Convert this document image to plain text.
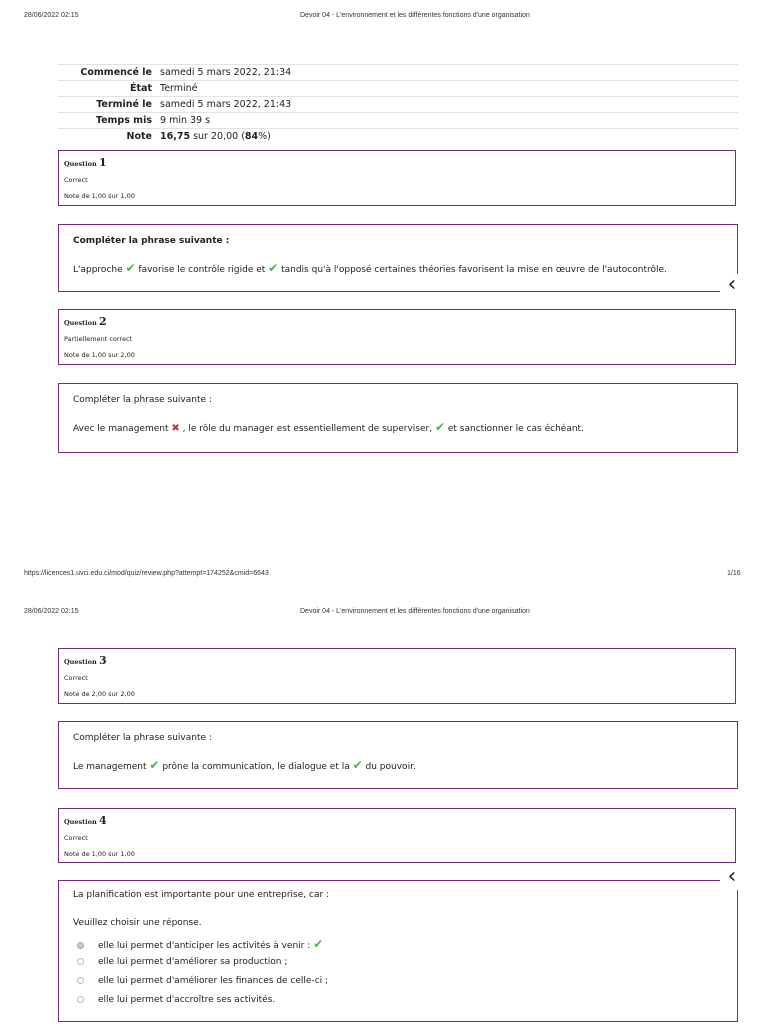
28/06/2022 02:15	Devoir 04 - L'environnement et les différentes fonctions d'une organisation
Commencé le	samedi 5 mars 2022, 21:34
État	Terminé
Terminé le	samedi 5 mars 2022, 21:43
Temps mis	9 min 39 s
Note	16,75 sur 20,00 (84%)
Question 1
Correct
Note de 1,00 sur 1,00
Compléter la phrase suivante :
L'approche ✔ favorise le contrôle rigide et ✔ tandis qu'à l'opposé certaines théories favorisent la mise en œuvre de l'autocontrôle.
‹
Question 2
Partiellement correct
Note de 1,00 sur 2,00
Compléter la phrase suivante :
Avec le management ✖ , le rôle du manager est essentiellement de superviser, ✔ et sanctionner le cas échéant.
https://licences1.uvci.edu.ci/mod/quiz/review.php?attempt=174252&cmid=6643	1/16
28/06/2022 02:15	Devoir 04 - L'environnement et les différentes fonctions d'une organisation
Question 3
Correct
Note de 2,00 sur 2,00
Compléter la phrase suivante :
Le management ✔ prône la communication, le dialogue et la ✔ du pouvoir.
Question 4
Correct
Note de 1,00 sur 1,00
La planification est importante pour une entreprise, car :
Veuillez choisir une réponse.
elle lui permet d'anticiper les activités à venir : ✔
elle lui permet d'améliorer sa production ;
elle lui permet d'améliorer les finances de celle-ci ;
elle lui permet d'accroître ses activités.
‹
